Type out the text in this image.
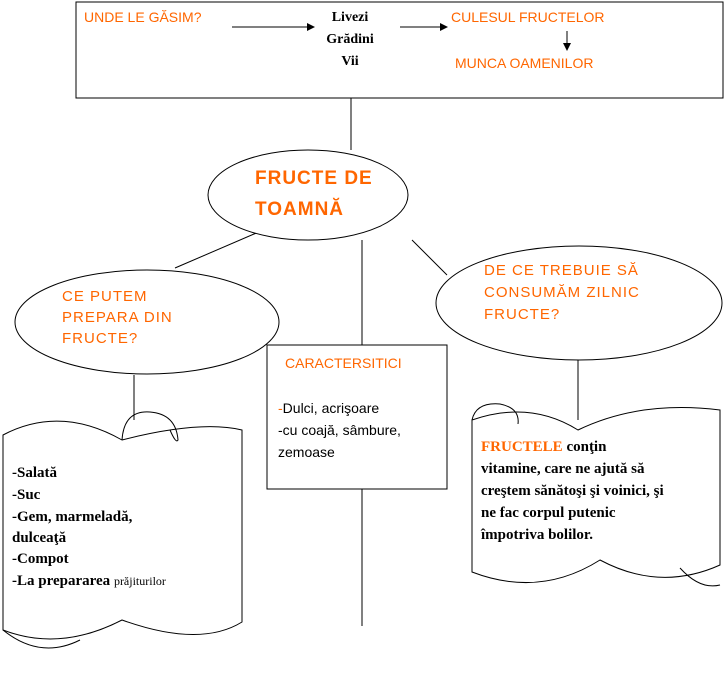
UNDE LE GĂSIM?	Livezi

Grădini

Vii

CULESUL FRUCTELOR

MUNCA OAMENILOR

FRUCTE DE

TOAMNĂ

CE PUTEM

PREPARA DIN

FRUCTE?

DE CE TREBUIE SĂ

CONSUMĂM ZILNIC

FRUCTE?

CARACTERSITICI

-Dulci, acrişoare

-cu coajă, sâmbure,

zemoase

-Salată

-Suc

-Gem, marmeladă,

dulceaţă

-Compot

-La prepararea prăjiturilor

FRUCTELE conţin

vitamine, care ne ajută să

creştem sănătoşi şi voinici, şi

ne fac corpul putenic

împotriva bolilor.
